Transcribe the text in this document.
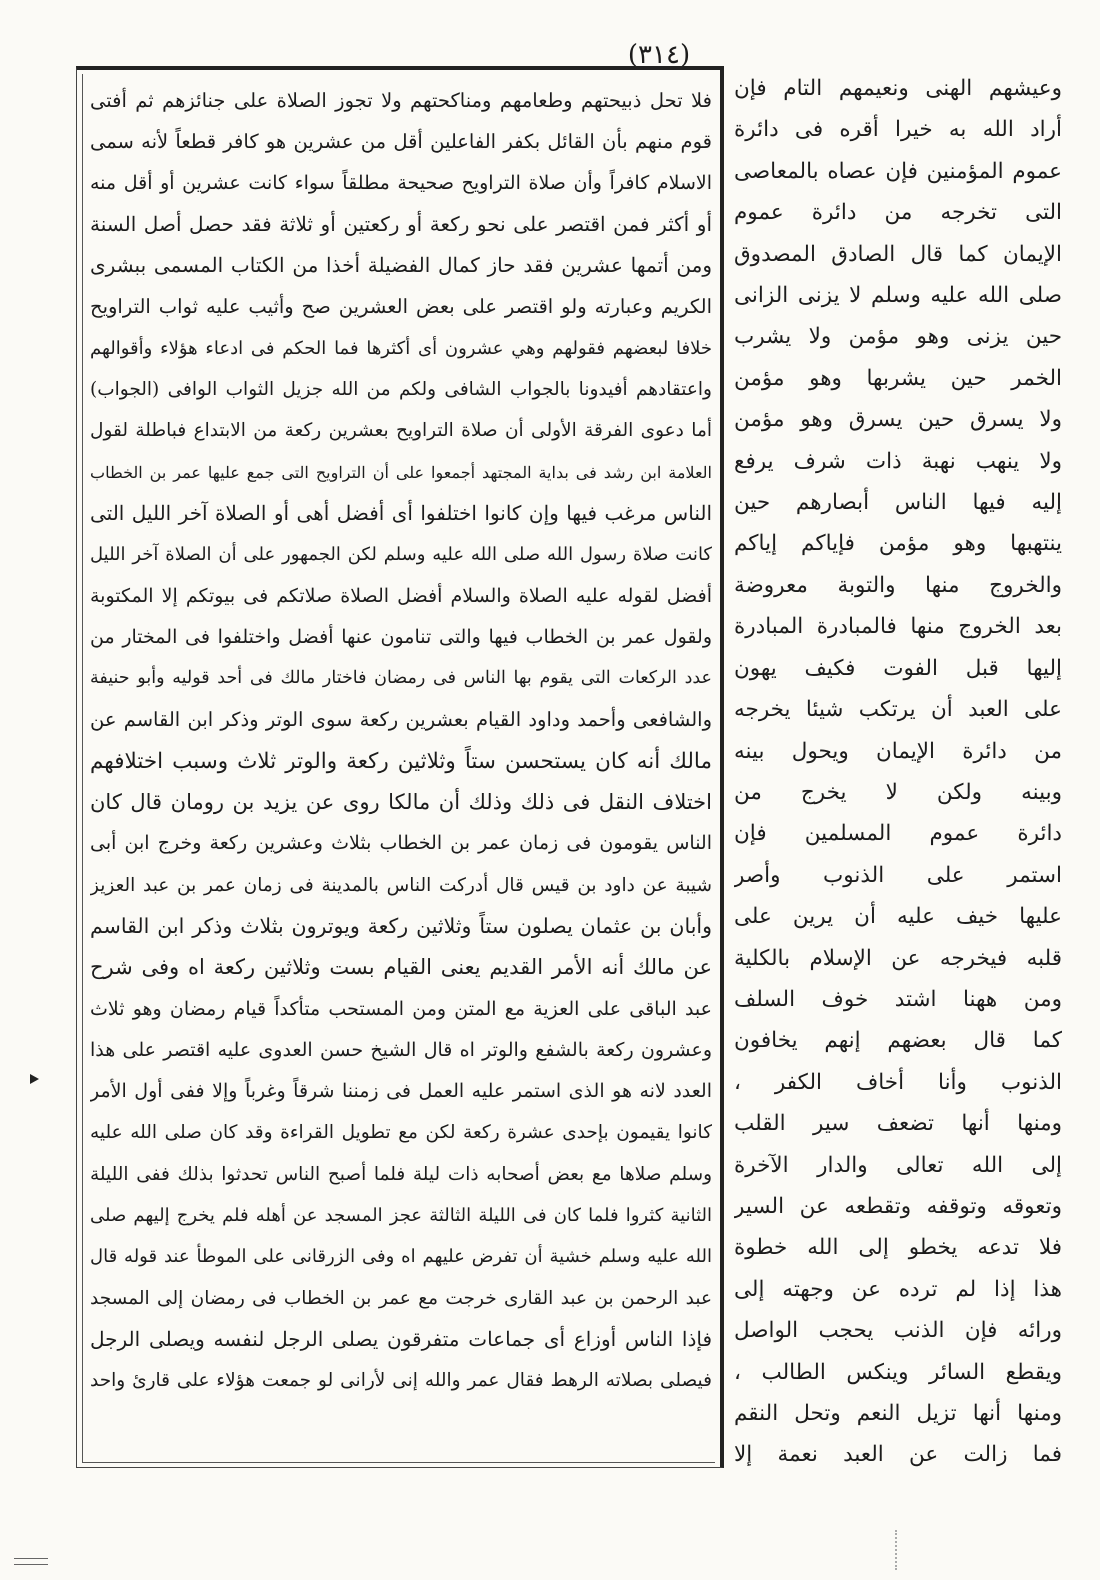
(٣١٤)
فلا تحل ذبيحتهم وطعامهم ومناكحتهم ولا تجوز الصلاة على جنائزهم ثم أفتى
قوم منهم بأن القائل بكفر الفاعلين أقل من عشرين هو كافر قطعاً لأنه سمى
الاسلام كافراً وأن صلاة التراويح صحيحة مطلقاً سواء كانت عشرين أو أقل منه
أو أكثر فمن اقتصر على نحو ركعة أو ركعتين أو ثلاثة فقد حصل أصل السنة
ومن أتمها عشرين فقد حاز كمال الفضيلة أخذا من الكتاب المسمى ببشرى
الكريم وعبارته ولو اقتصر على بعض العشرين صح وأثيب عليه ثواب التراويح
خلافا لبعضهم فقولهم وهي عشرون أى أكثرها فما الحكم فى ادعاء هؤلاء وأقوالهم
واعتقادهم أفيدونا بالجواب الشافى ولكم من الله جزيل الثواب الوافى (الجواب)
أما دعوى الفرقة الأولى أن صلاة التراويح بعشرين ركعة من الابتداع فباطلة لقول
العلامة ابن رشد فى بداية المجتهد أجمعوا على أن التراويح التى جمع عليها عمر بن الخطاب
الناس مرغب فيها وإن كانوا اختلفوا أى أفضل أهى أو الصلاة آخر الليل التى
كانت صلاة رسول الله صلى الله عليه وسلم لكن الجمهور على أن الصلاة آخر الليل
أفضل لقوله عليه الصلاة والسلام أفضل الصلاة صلاتكم فى بيوتكم إلا المكتوبة
ولقول عمر بن الخطاب فيها والتى تنامون عنها أفضل واختلفوا فى المختار من
عدد الركعات التى يقوم بها الناس فى رمضان فاختار مالك فى أحد قوليه وأبو حنيفة
والشافعى وأحمد وداود القيام بعشرين ركعة سوى الوتر وذكر ابن القاسم عن
مالك أنه كان يستحسن ستاً وثلاثين ركعة والوتر ثلاث وسبب اختلافهم
اختلاف النقل فى ذلك وذلك أن مالكا روى عن يزيد بن رومان قال كان
الناس يقومون فى زمان عمر بن الخطاب بثلاث وعشرين ركعة وخرج ابن أبى
شيبة عن داود بن قيس قال أدركت الناس بالمدينة فى زمان عمر بن عبد العزيز
وأبان بن عثمان يصلون ستاً وثلاثين ركعة ويوترون بثلاث وذكر ابن القاسم
عن مالك أنه الأمر القديم يعنى القيام بست وثلاثين ركعة اه وفى شرح
عبد الباقى على العزية مع المتن ومن المستحب متأكداً قيام رمضان وهو ثلاث
وعشرون ركعة بالشفع والوتر اه قال الشيخ حسن العدوى عليه اقتصر على هذا
العدد لانه هو الذى استمر عليه العمل فى زمننا شرقاً وغرباً وإلا ففى أول الأمر
كانوا يقيمون بإحدى عشرة ركعة لكن مع تطويل القراءة وقد كان صلى الله عليه
وسلم صلاها مع بعض أصحابه ذات ليلة فلما أصبح الناس تحدثوا بذلك ففى الليلة
الثانية كثروا فلما كان فى الليلة الثالثة عجز المسجد عن أهله فلم يخرج إليهم صلى
الله عليه وسلم خشية أن تفرض عليهم اه وفى الزرقانى على الموطأ عند قوله قال
عبد الرحمن بن عبد القارى خرجت مع عمر بن الخطاب فى رمضان إلى المسجد
فإذا الناس أوزاع أى جماعات متفرقون يصلى الرجل لنفسه ويصلى الرجل
فيصلى بصلاته الرهط فقال عمر والله إنى لأرانى لو جمعت هؤلاء على قارئ واحد
وعيشهم الهنى ونعيمهم التام فإن
أراد الله به خيرا أقره فى دائرة
عموم المؤمنين فإن عصاه بالمعاصى
التى تخرجه من دائرة عموم
الإيمان كما قال الصادق المصدوق
صلى الله عليه وسلم لا يزنى الزانى
حين يزنى وهو مؤمن ولا يشرب
الخمر حين يشربها وهو مؤمن
ولا يسرق حين يسرق وهو مؤمن
ولا ينهب نهبة ذات شرف يرفع
إليه فيها الناس أبصارهم حين
ينتهبها وهو مؤمن فإياكم إياكم
والخروج منها والتوبة معروضة
بعد الخروج منها فالمبادرة المبادرة
إليها قبل الفوت فكيف يهون
على العبد أن يرتكب شيئا يخرجه
من دائرة الإيمان ويحول بينه
وبينه ولكن لا يخرج من
دائرة عموم المسلمين فإن
استمر على الذنوب وأصر
عليها خيف عليه أن يرين على
قلبه فيخرجه عن الإسلام بالكلية
ومن ههنا اشتد خوف السلف
كما قال بعضهم إنهم يخافون
الذنوب وأنا أخاف الكفر ،
ومنها أنها تضعف سير القلب
إلى الله تعالى والدار الآخرة
وتعوقه وتوقفه وتقطعه عن السير
فلا تدعه يخطو إلى الله خطوة
هذا إذا لم ترده عن وجهته إلى
ورائه فإن الذنب يحجب الواصل
ويقطع السائر وينكس الطالب ،
ومنها أنها تزيل النعم وتحل النقم
فما زالت عن العبد نعمة إلا
